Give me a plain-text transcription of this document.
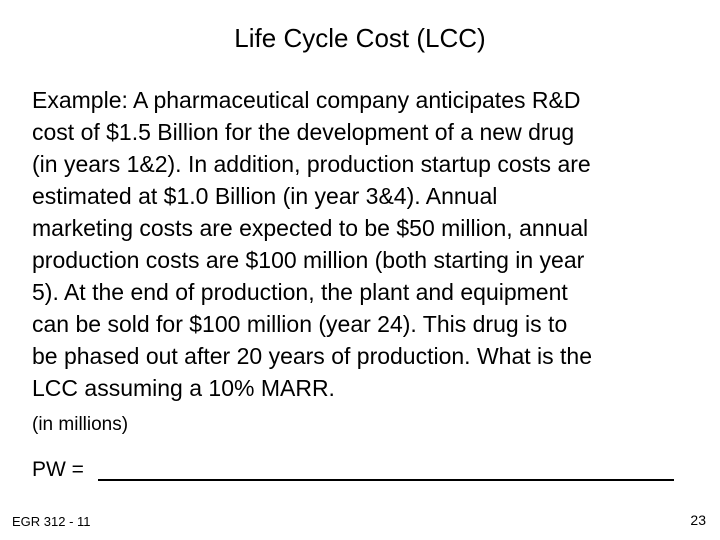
Life Cycle Cost (LCC)
Example: A pharmaceutical company anticipates R&D
cost of $1.5 Billion for the development of a new drug
(in years 1&2). In addition, production startup costs are
estimated at $1.0 Billion (in year 3&4). Annual
marketing costs are expected to be $50 million, annual
production costs are $100 million (both starting in year
5). At the end of production, the plant and equipment
can be sold for $100 million (year 24). This drug is to
be phased out after 20 years of production. What is the
LCC assuming a 10% MARR.
(in millions)
PW =
EGR 312 - 11	23
